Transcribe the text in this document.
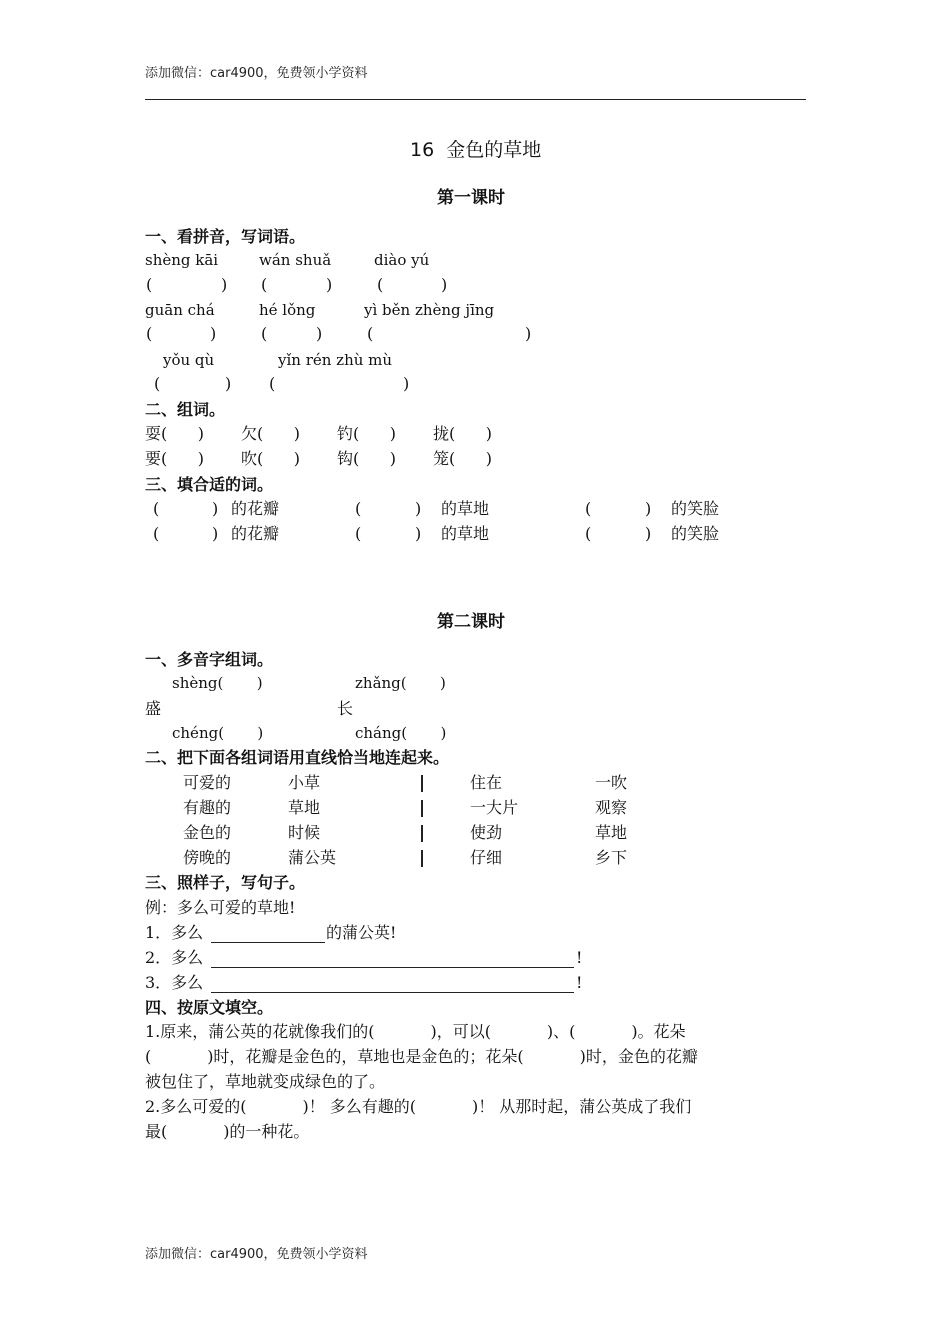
添加微信：car4900，免费领小学资料
16  金色的草地
第一课时
一、看拼音，写词语。
shèng kāi	wán shuǎ	diào yú
(	) (	)	(	)
guān chá	hé lǒng	yì běn zhèng jīng
(	)	(	)	(	)
yǒu qù	yǐn rén zhù mù
(	) (	)
二、组词。
耍(      ) 欠(      ) 钓(      ) 拢(      )
要(      ) 吹(      ) 钩(      ) 笼(      )
三、填合适的词。
(	) 的花瓣	(	) 的草地	(	) 的笑脸
(	) 的花瓣	(	) 的草地	(	) 的笑脸
第二课时
一、多音字组词。
shèng(       )	zhǎng(       )
盛	长
chéng(       )	cháng(       )
二、把下面各组词语用直线恰当地连起来。
可爱的	小草	住在	一吹
有趣的	草地	一大片	观察
金色的	时候	使劲	草地
傍晚的	蒲公英	仔细	乡下
三、照样子，写句子。
例：多么可爱的草地!
1．多么	的蒲公英!
2．多么	!
3．多么	!
四、按原文填空。
1.原来，蒲公英的花就像我们的(           )，可以(           )、(           )。花朵
(           )时，花瓣是金色的，草地也是金色的；花朵(           )时，金色的花瓣
被包住了，草地就变成绿色的了。
2.多么可爱的(           )！ 多么有趣的(           )！ 从那时起，蒲公英成了我们
最(           )的一种花。
添加微信：car4900，免费领小学资料
